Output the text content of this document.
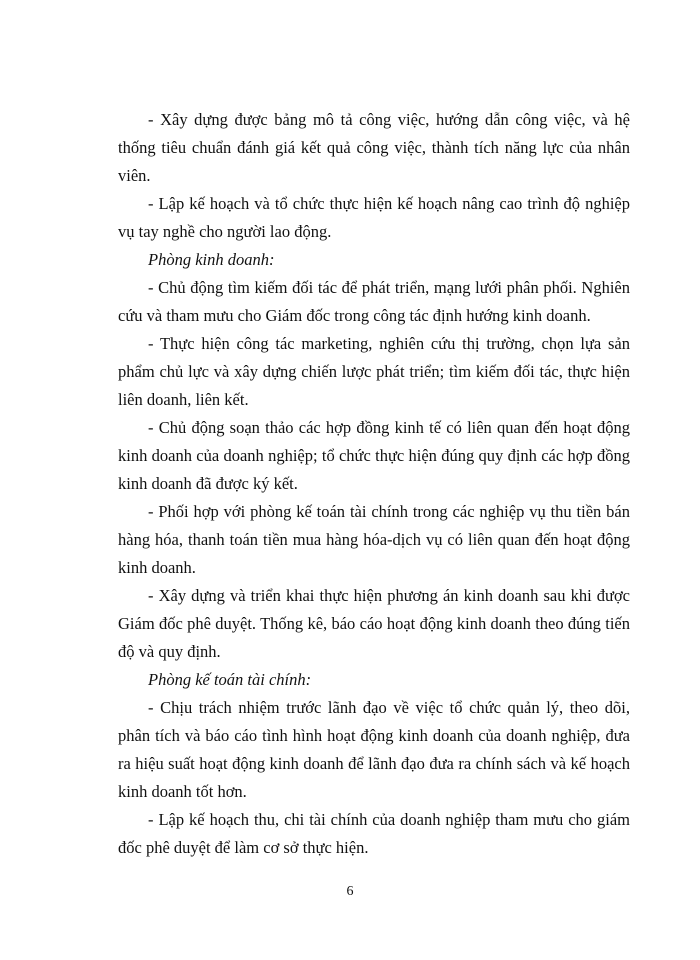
- Xây dựng được bảng mô tả công việc, hướng dẫn công việc, và hệ thống tiêu chuẩn đánh giá kết quả công việc, thành tích năng lực của nhân viên.

- Lập kế hoạch và tổ chức thực hiện kế hoạch nâng cao trình độ nghiệp vụ tay nghề cho người lao động.

Phòng kinh doanh:

- Chủ động tìm kiếm đối tác để phát triển, mạng lưới phân phối. Nghiên cứu và tham mưu cho Giám đốc trong công tác định hướng kinh doanh.

- Thực hiện công tác marketing, nghiên cứu thị trường, chọn lựa sản phẩm chủ lực và xây dựng chiến lược phát triển; tìm kiếm đối tác, thực hiện liên doanh, liên kết.

- Chủ động soạn thảo các hợp đồng kinh tế có liên quan đến hoạt động kinh doanh của doanh nghiệp; tổ chức thực hiện đúng quy định các hợp đồng kinh doanh đã được ký kết.

- Phối hợp với phòng kế toán tài chính trong các nghiệp vụ thu tiền bán hàng hóa, thanh toán tiền mua hàng hóa-dịch vụ có liên quan đến hoạt động kinh doanh.

- Xây dựng và triển khai thực hiện phương án kinh doanh sau khi được Giám đốc phê duyệt. Thống kê, báo cáo hoạt động kinh doanh theo đúng tiến độ và quy định.

Phòng kế toán tài chính:

- Chịu trách nhiệm trước lãnh đạo về việc tổ chức quản lý, theo dõi, phân tích và báo cáo tình hình hoạt động kinh doanh của doanh nghiệp, đưa ra hiệu suất hoạt động kinh doanh để lãnh đạo đưa ra chính sách và kế hoạch kinh doanh tốt hơn.

- Lập kế hoạch thu, chi tài chính của doanh nghiệp tham mưu cho giám đốc phê duyệt để làm cơ sở thực hiện.

6
